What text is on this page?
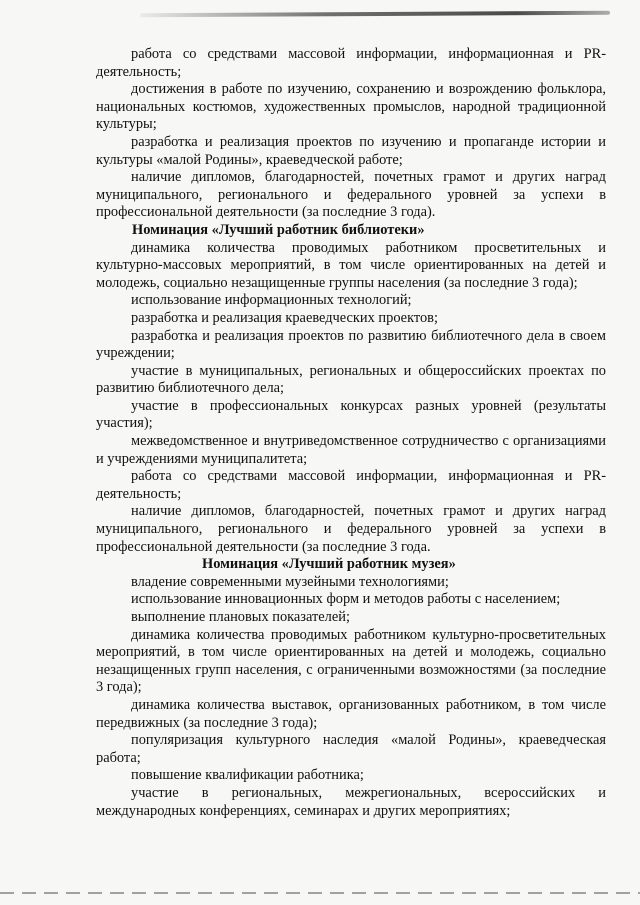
работа со средствами массовой информации, информационная и PR-деятельность;

достижения в работе по изучению, сохранению и возрождению фольклора, национальных костюмов, художественных промыслов, народной традиционной культуры;

разработка и реализация проектов по изучению и пропаганде истории и культуры «малой Родины», краеведческой работе;

наличие дипломов, благодарностей, почетных грамот и других наград муниципального, регионального и федерального уровней за успехи в профессиональной деятельности (за последние 3 года).

Номинация «Лучший работник библиотеки»

динамика количества проводимых работником просветительных и культурно-массовых мероприятий, в том числе ориентированных на детей и молодежь, социально незащищенные группы населения (за последние 3 года);

использование информационных технологий;

разработка и реализация краеведческих проектов;

разработка и реализация проектов по развитию библиотечного дела в своем учреждении;

участие в муниципальных, региональных и общероссийских проектах по развитию библиотечного дела;

участие в профессиональных конкурсах разных уровней (результаты участия);

межведомственное и внутриведомственное сотрудничество с организациями и учреждениями муниципалитета;

работа со средствами массовой информации, информационная и PR-деятельность;

наличие дипломов, благодарностей, почетных грамот и других наград муниципального, регионального и федерального уровней за успехи в профессиональной деятельности (за последние 3 года.

Номинация «Лучший работник музея»

владение современными музейными технологиями;

использование инновационных форм и методов работы с населением;

выполнение плановых показателей;

динамика количества проводимых работником культурно-просветительных мероприятий, в том числе ориентированных на детей и молодежь, социально незащищенных групп населения, с ограниченными возможностями (за последние 3 года);

динамика количества выставок, организованных работником, в том числе передвижных (за последние 3 года);

популяризация культурного наследия «малой Родины», краеведческая работа;

повышение квалификации работника;

участие в региональных, межрегиональных, всероссийских и международных конференциях, семинарах и других мероприятиях;
